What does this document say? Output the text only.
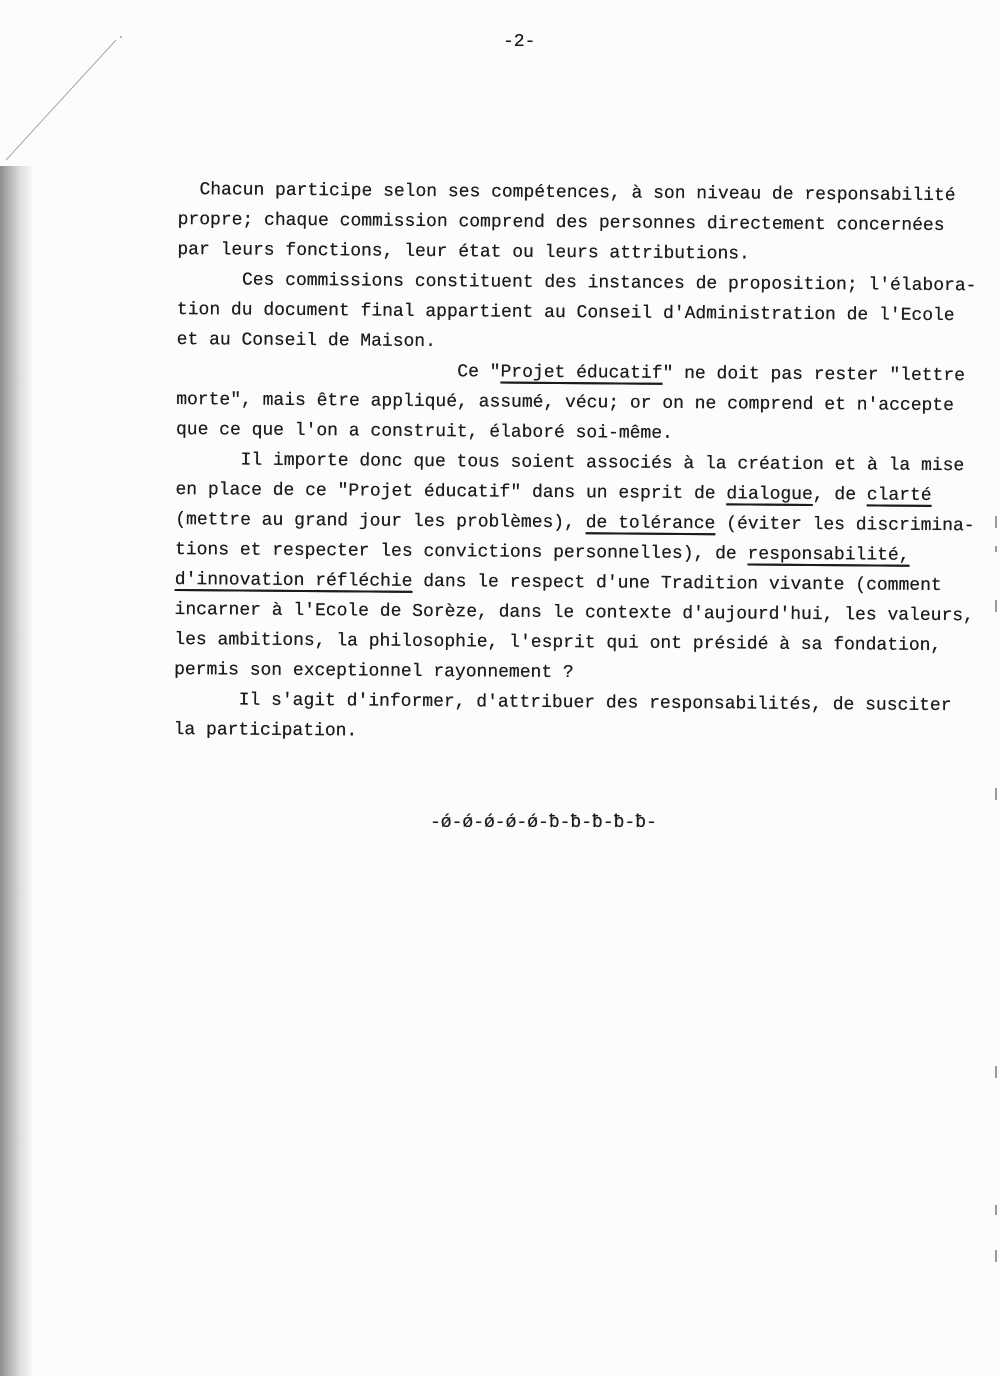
-2-
Chacun participe selon ses compétences, à son niveau de responsabilité
propre; chaque commission comprend des personnes directement concernées
par leurs fonctions, leur état ou leurs attributions.
Ces commissions constituent des instances de proposition; l'élabora-
tion du document final appartient au Conseil d'Administration de l'Ecole
et au Conseil de Maison.
Ce "Projet éducatif" ne doit pas rester "lettre
morte", mais être appliqué, assumé, vécu; or on ne comprend et n'accepte
que ce que l'on a construit, élaboré soi-même.
Il importe donc que tous soient associés à la création et à la mise
en place de ce "Projet éducatif" dans un esprit de dialogue, de clarté
(mettre au grand jour les problèmes), de tolérance (éviter les discrimina-
tions et respecter les convictions personnelles), de responsabilité,
d'innovation réfléchie dans le respect d'une Tradition vivante (comment
incarner à l'Ecole de Sorèze, dans le contexte d'aujourd'hui, les valeurs,
les ambitions, la philosophie, l'esprit qui ont présidé à sa fondation,
permis son exceptionnel rayonnement ?
Il s'agit d'informer, d'attribuer des responsabilités, de susciter
la participation.
-ǿ-ǿ-ǿ-ǿ-ǿ-ƀ-ƀ-ƀ-ƀ-ƀ-
